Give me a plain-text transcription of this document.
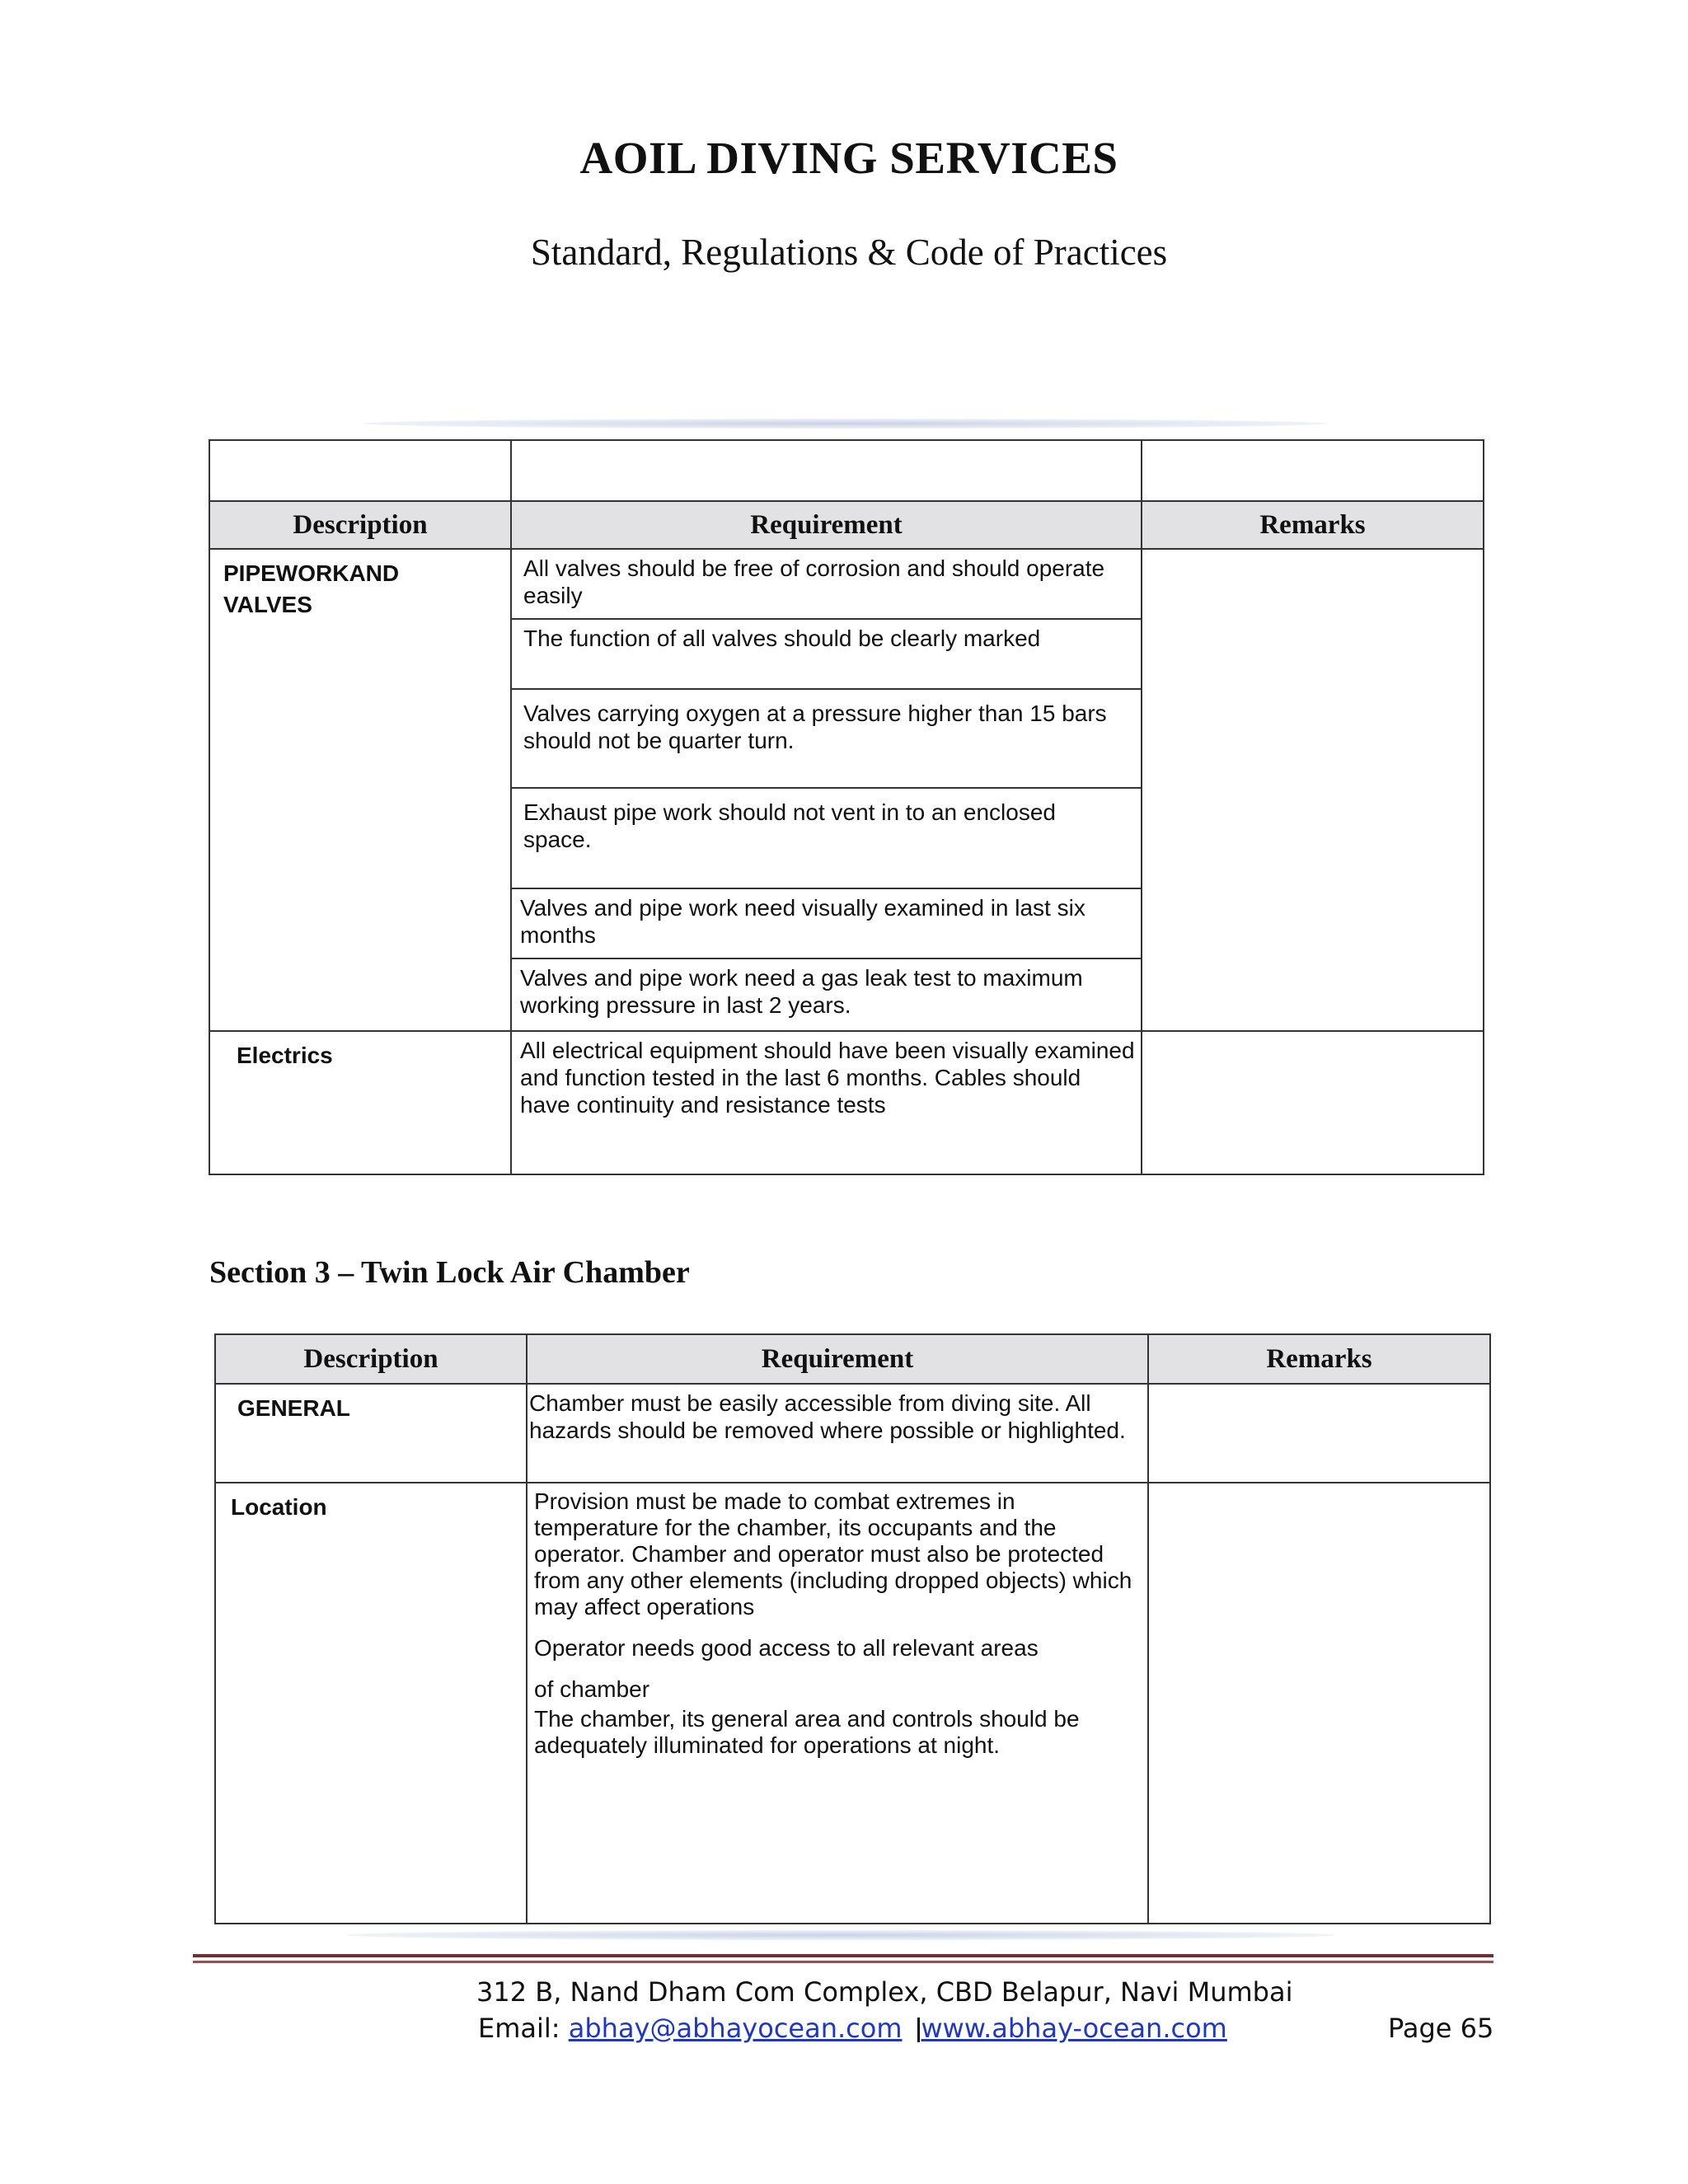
AOIL DIVING SERVICES
Standard, Regulations & Code of Practices

Description	Requirement	Remarks

PIPEWORKAND
VALVES	All valves should be free of corrosion and should operate easily	
	The function of all valves should be clearly marked	
	Valves carrying oxygen at a pressure higher than 15 bars should not be quarter turn.	
	Exhaust pipe work should not vent in to an enclosed space.	
	Valves and pipe work need visually examined in last six months	
	Valves and pipe work need a gas leak test to maximum working pressure in last 2 years.	
Electrics	All electrical equipment should have been visually examined and function tested in the last 6 months. Cables should have continuity and resistance tests	
Section 3 – Twin Lock Air Chamber
Description	Requirement	Remarks
GENERAL	Chamber must be easily accessible from diving site. All hazards should be removed where possible or highlighted.	
Location	Provision must be made to combat extremes in temperature for the chamber, its occupants and the operator. Chamber and operator must also be protected from any other elements (including dropped objects) which may affect operations
Operator needs good access to all relevant areas
of chamber
The chamber, its general area and controls should be adequately illuminated for operations at night.	

312 B, Nand Dham Com Complex, CBD Belapur, Navi Mumbai
Email: abhay@abhayocean.com www.abhay-ocean.com	Page 65
